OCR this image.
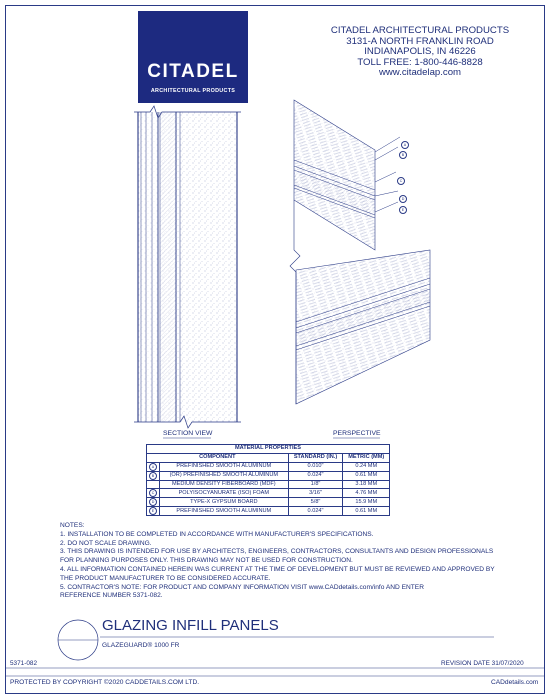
A
B
C
D
E
CITADEL
ARCHITECTURAL PRODUCTS
CITADEL ARCHITECTURAL PRODUCTS
3131-A NORTH FRANKLIN ROAD
INDIANAPOLIS, IN 46226
TOLL FREE: 1-800-446-8828
www.citadelap.com
SECTION VIEW	PERSPECTIVE
MATERIAL PROPERTIES			
COMPONENT		STANDARD (IN.)	METRIC (MM)
A	PREFINISHED SMOOTH ALUMINUM	0.010"	0.24 MM
B	(OR) PREFINISHED SMOOTH ALUMINUM	0.024"	0.61 MM
	MEDIUM DENSITY FIBERBOARD (MDF)	1/8"	3.18 MM
C	POLYISOCYANURATE (ISO) FOAM	3/16"	4.76 MM
D	TYPE-X GYPSUM BOARD	5/8"	15.9 MM
E	PREFINISHED SMOOTH ALUMINUM	0.024"	0.61 MM
NOTES:
1. INSTALLATION TO BE COMPLETED IN ACCORDANCE WITH MANUFACTURER'S SPECIFICATIONS.
2. DO NOT SCALE DRAWING.
3. THIS DRAWING IS INTENDED FOR USE BY ARCHITECTS, ENGINEERS, CONTRACTORS, CONSULTANTS AND DESIGN PROFESSIONALS
FOR PLANNING PURPOSES ONLY. THIS DRAWING MAY NOT BE USED FOR CONSTRUCTION.
4. ALL INFORMATION CONTAINED HEREIN WAS CURRENT AT THE TIME OF DEVELOPMENT BUT MUST BE REVIEWED AND APPROVED BY
THE PRODUCT MANUFACTURER TO BE CONSIDERED ACCURATE.
5. CONTRACTOR'S NOTE: FOR PRODUCT AND COMPANY INFORMATION VISIT www.CADdetails.com/info AND ENTER
REFERENCE NUMBER 5371-082.
GLAZING INFILL PANELS
GLAZEGUARD® 1000 FR
5371-082	REVISION DATE 31/07/2020
PROTECTED BY COPYRIGHT ©2020 CADDETAILS.COM LTD.	CADdetails.com
